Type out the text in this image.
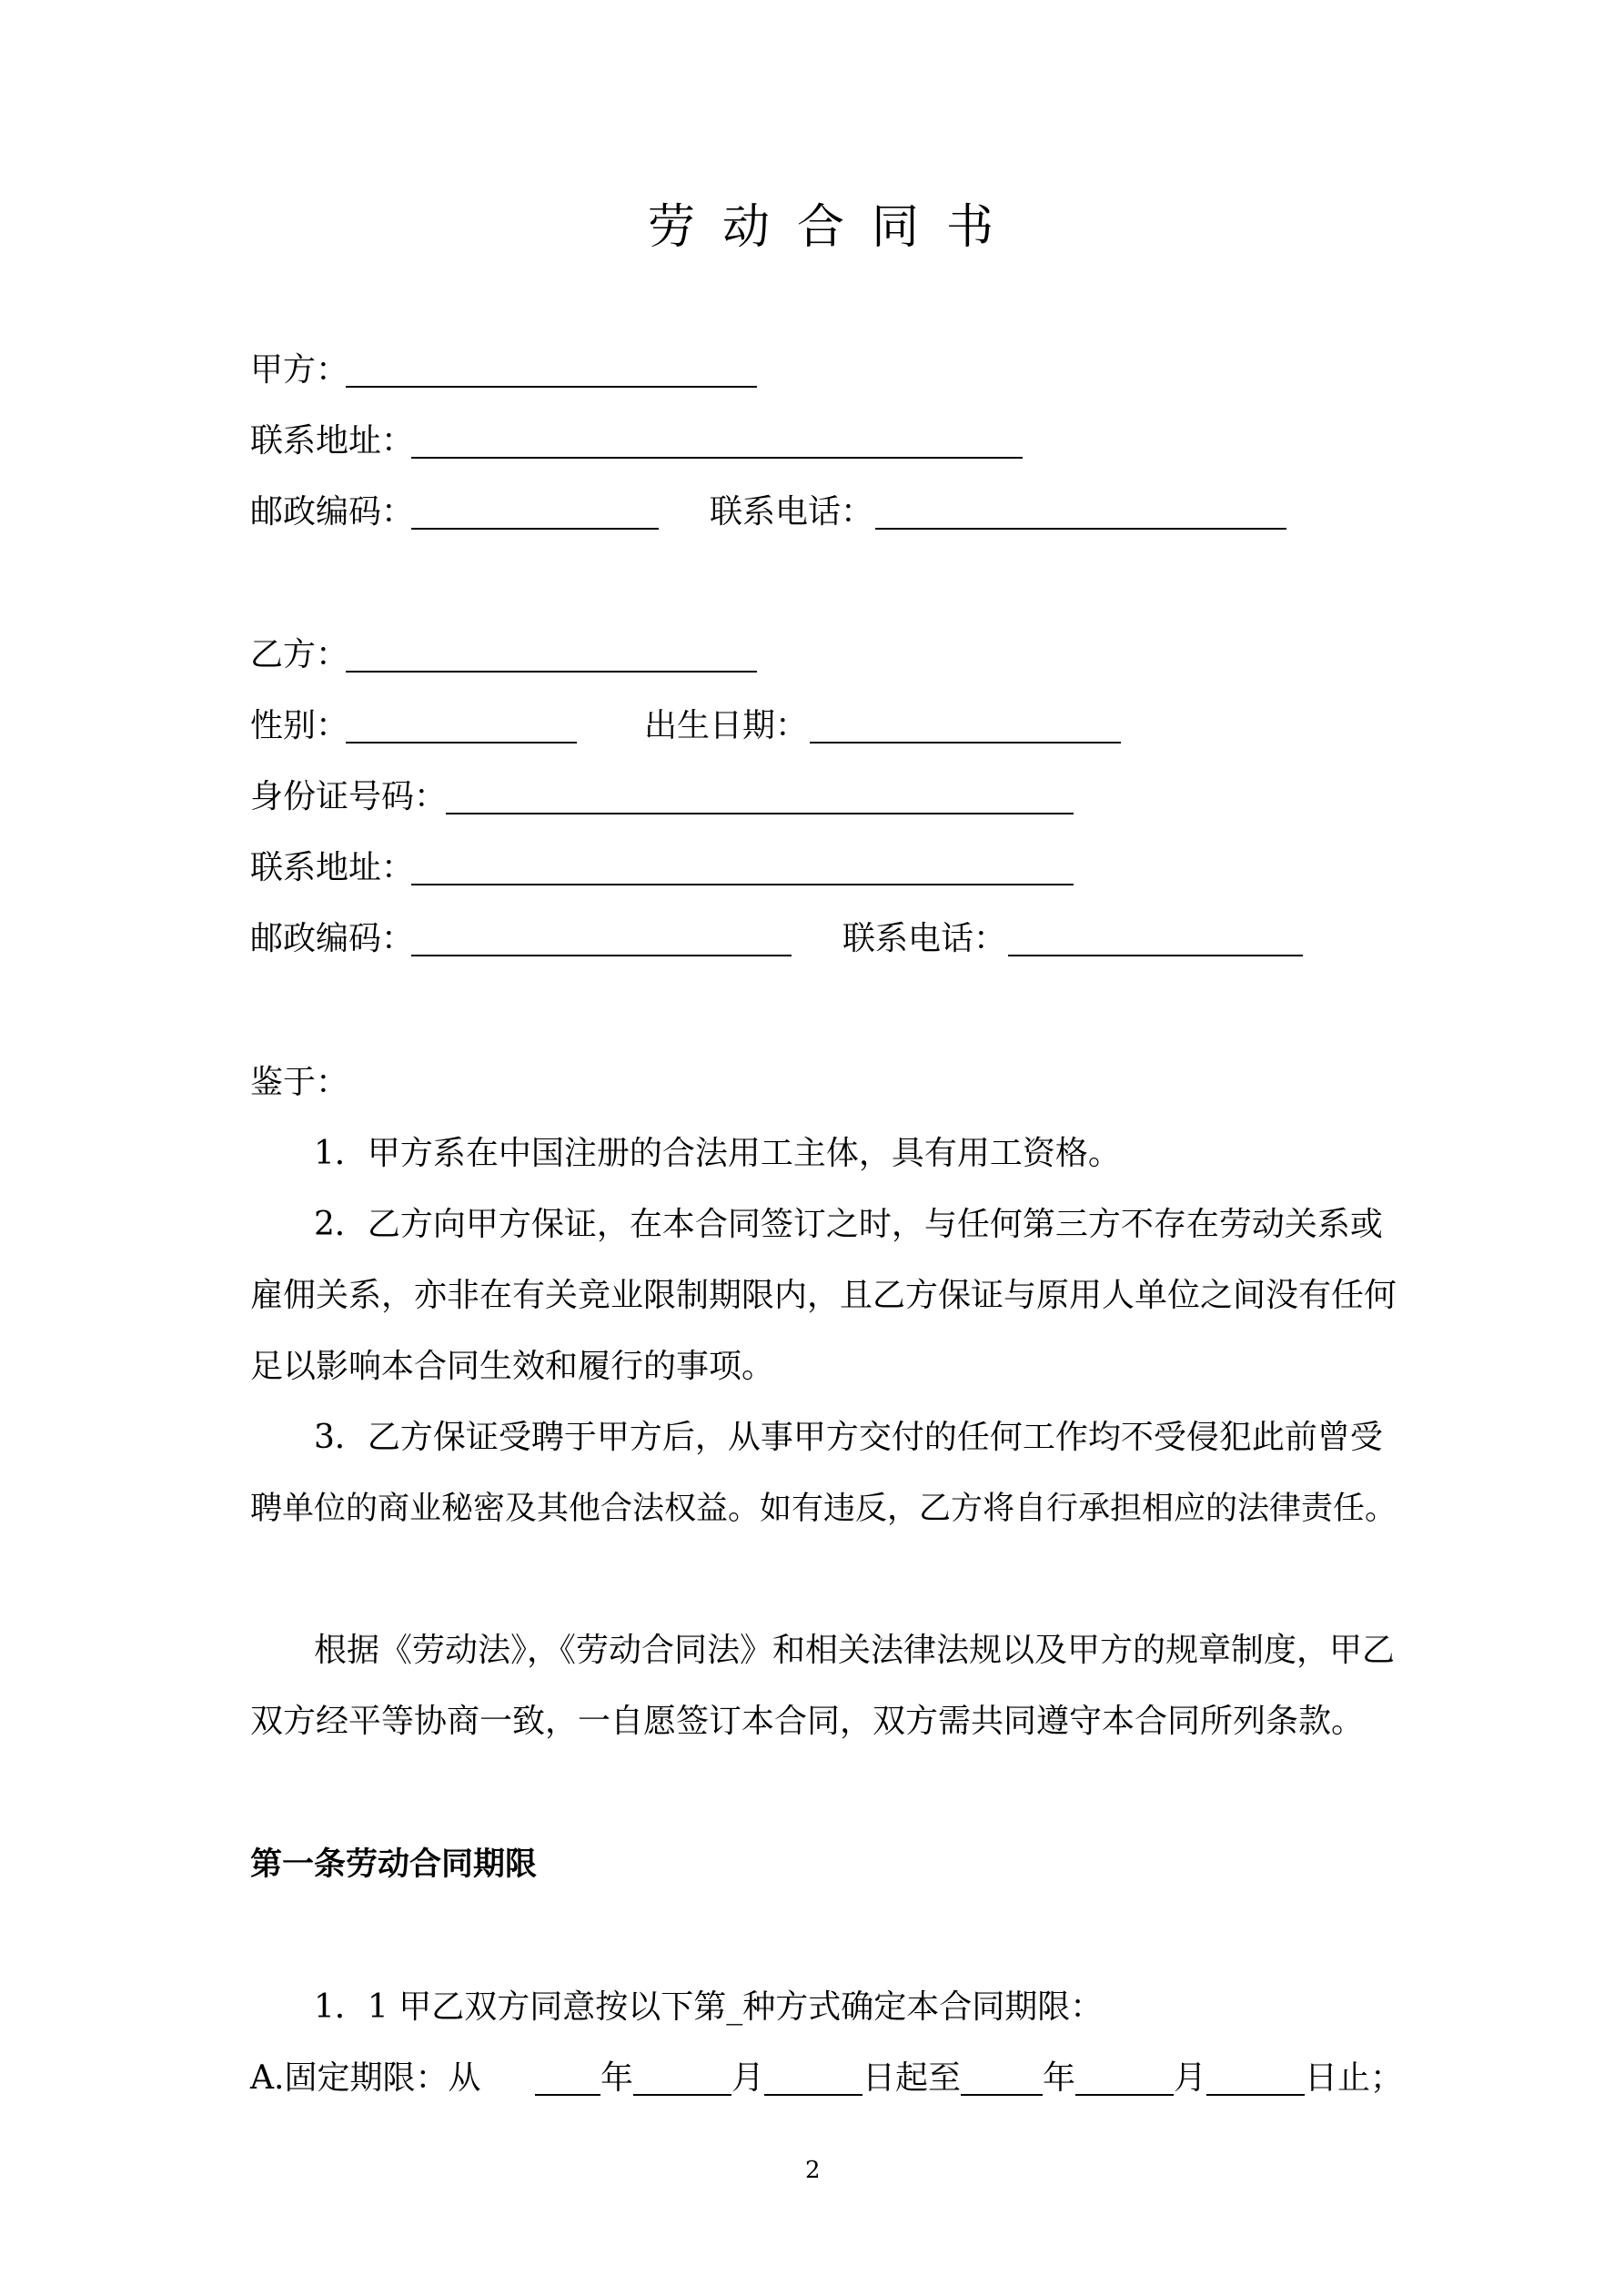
劳动合同书
甲方：
联系地址：
邮政编码：	联系电话：
乙方：
性别：	出生日期：
身份证号码：
联系地址：
邮政编码：	联系电话：
鉴于：
1．甲方系在中国注册的合法用工主体，具有用工资格。
2．乙方向甲方保证，在本合同签订之时，与任何第三方不存在劳动关系或
雇佣关系，亦非在有关竞业限制期限内，且乙方保证与原用人单位之间没有任何
足以影响本合同生效和履行的事项。
3．乙方保证受聘于甲方后，从事甲方交付的任何工作均不受侵犯此前曾受
聘单位的商业秘密及其他合法权益。如有违反，乙方将自行承担相应的法律责任。
根据《劳动法》，《劳动合同法》和相关法律法规以及甲方的规章制度，甲乙
双方经平等协商一致，一自愿签订本合同，双方需共同遵守本合同所列条款。
第一条劳动合同期限
1．1 甲乙双方同意按以下第_种方式确定本合同期限：
A.固定期限：从	年	月	日起至 年	月	日止；
2
